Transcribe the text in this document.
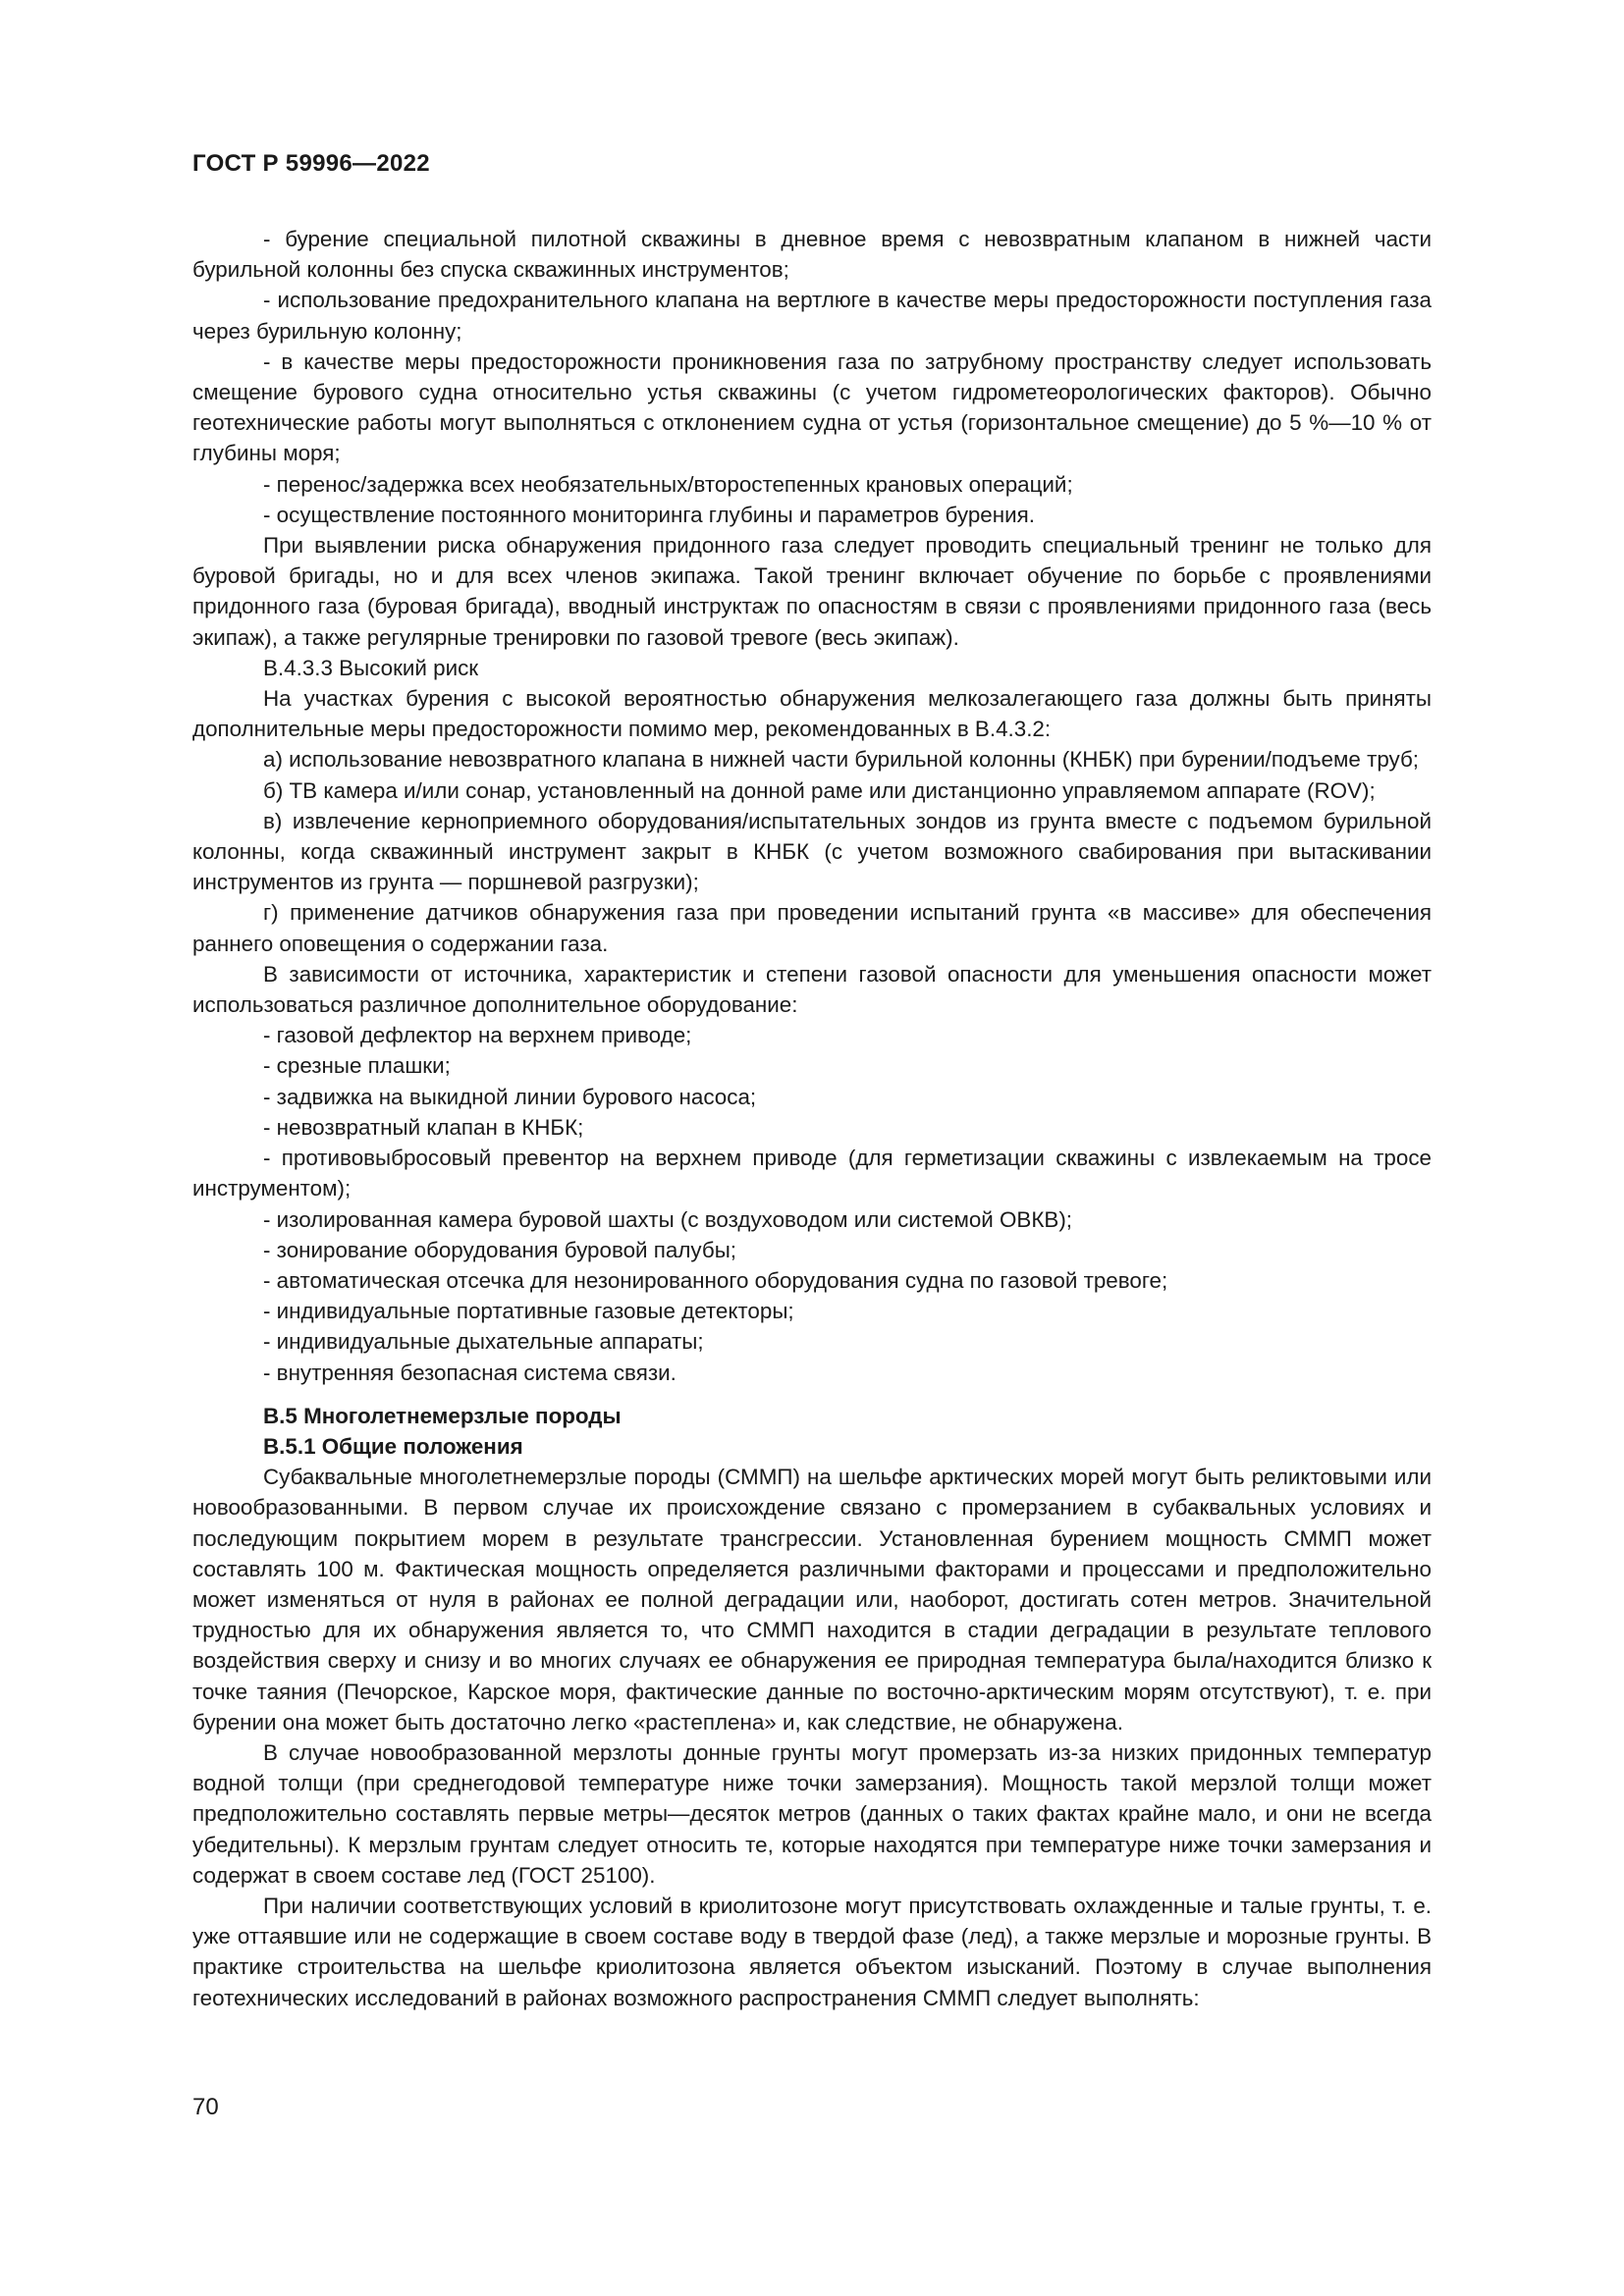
ГОСТ Р 59996—2022

- бурение специальной пилотной скважины в дневное время с невозвратным клапаном в нижней части бурильной колонны без спуска скважинных инструментов;

- использование предохранительного клапана на вертлюге в качестве меры предосторожности поступления газа через бурильную колонну;

- в качестве меры предосторожности проникновения газа по затрубному пространству следует использовать смещение бурового судна относительно устья скважины (с учетом гидрометеорологических факторов). Обычно геотехнические работы могут выполняться с отклонением судна от устья (горизонтальное смещение) до 5 %—10 % от глубины моря;

- перенос/задержка всех необязательных/второстепенных крановых операций;

- осуществление постоянного мониторинга глубины и параметров бурения.

При выявлении риска обнаружения придонного газа следует проводить специальный тренинг не только для буровой бригады, но и для всех членов экипажа. Такой тренинг включает обучение по борьбе с проявлениями придонного газа (буровая бригада), вводный инструктаж по опасностям в связи с проявлениями придонного газа (весь экипаж), а также регулярные тренировки по газовой тревоге (весь экипаж).

В.4.3.3 Высокий риск

На участках бурения с высокой вероятностью обнаружения мелкозалегающего газа должны быть приняты дополнительные меры предосторожности помимо мер, рекомендованных в В.4.3.2:

а) использование невозвратного клапана в нижней части бурильной колонны (КНБК) при бурении/подъеме труб;

б) ТВ камера и/или сонар, установленный на донной раме или дистанционно управляемом аппарате (ROV);

в) извлечение керноприемного оборудования/испытательных зондов из грунта вместе с подъемом бурильной колонны, когда скважинный инструмент закрыт в КНБК (с учетом возможного свабирования при вытаскивании инструментов из грунта — поршневой разгрузки);

г) применение датчиков обнаружения газа при проведении испытаний грунта «в массиве» для обеспечения раннего оповещения о содержании газа.

В зависимости от источника, характеристик и степени газовой опасности для уменьшения опасности может использоваться различное дополнительное оборудование:

- газовой дефлектор на верхнем приводе;

- срезные плашки;

- задвижка на выкидной линии бурового насоса;

- невозвратный клапан в КНБК;

- противовыбросовый превентор на верхнем приводе (для герметизации скважины с извлекаемым на тросе инструментом);

- изолированная камера буровой шахты (с воздуховодом или системой ОВКВ);

- зонирование оборудования буровой палубы;

- автоматическая отсечка для незонированного оборудования судна по газовой тревоге;

- индивидуальные портативные газовые детекторы;

- индивидуальные дыхательные аппараты;

- внутренняя безопасная система связи.

В.5 Многолетнемерзлые породы
В.5.1 Общие положения

Субаквальные многолетнемерзлые породы (СММП) на шельфе арктических морей могут быть реликтовыми или новообразованными. В первом случае их происхождение связано с промерзанием в субаквальных условиях и последующим покрытием морем в результате трансгрессии. Установленная бурением мощность СММП может составлять 100 м. Фактическая мощность определяется различными факторами и процессами и предположительно может изменяться от нуля в районах ее полной деградации или, наоборот, достигать сотен метров. Значительной трудностью для их обнаружения является то, что СММП находится в стадии деградации в результате теплового воздействия сверху и снизу и во многих случаях ее обнаружения ее природная температура была/находится близко к точке таяния (Печорское, Карское моря, фактические данные по восточно-арктическим морям отсутствуют), т. е. при бурении она может быть достаточно легко «растеплена» и, как следствие, не обнаружена.

В случае новообразованной мерзлоты донные грунты могут промерзать из-за низких придонных температур водной толщи (при среднегодовой температуре ниже точки замерзания). Мощность такой мерзлой толщи может предположительно составлять первые метры—десяток метров (данных о таких фактах крайне мало, и они не всегда убедительны). К мерзлым грунтам следует относить те, которые находятся при температуре ниже точки замерзания и содержат в своем составе лед (ГОСТ 25100).

При наличии соответствующих условий в криолитозоне могут присутствовать охлажденные и талые грунты, т. е. уже оттаявшие или не содержащие в своем составе воду в твердой фазе (лед), а также мерзлые и морозные грунты. В практике строительства на шельфе криолитозона является объектом изысканий. Поэтому в случае выполнения геотехнических исследований в районах возможного распространения СММП следует выполнять:

70
